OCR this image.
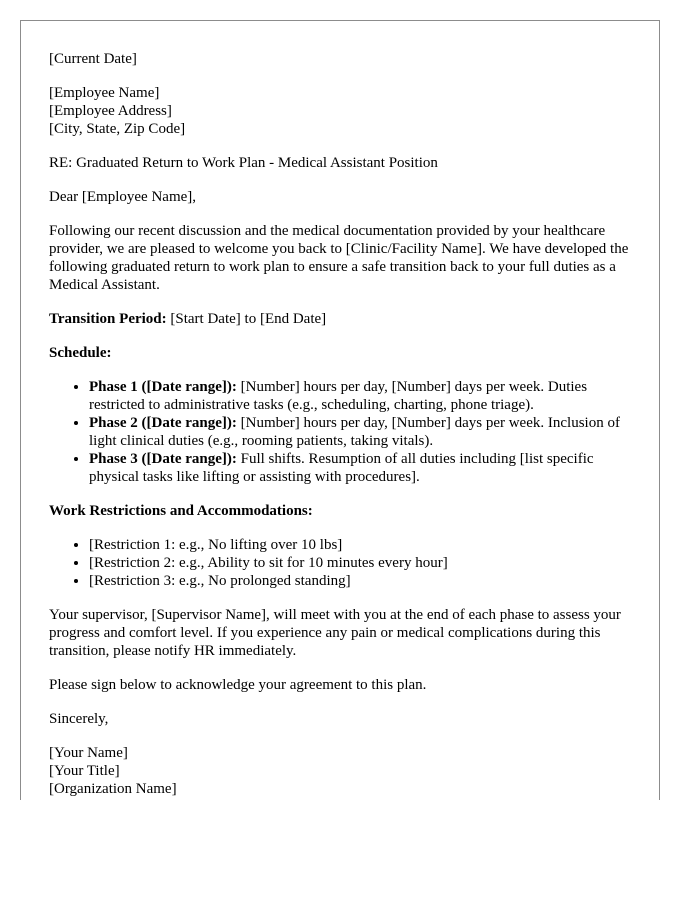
[Current Date]
[Employee Name]
[Employee Address]
[City, State, Zip Code]

RE: Graduated Return to Work Plan - Medical Assistant Position

Dear [Employee Name],

Following our recent discussion and the medical documentation provided by your healthcare provider, we are pleased to welcome you back to [Clinic/Facility Name]. We have developed the following graduated return to work plan to ensure a safe transition back to your full duties as a Medical Assistant.

Transition Period: [Start Date] to [End Date]

Schedule:

• Phase 1 ([Date range]): [Number] hours per day, [Number] days per week. Duties restricted to administrative tasks (e.g., scheduling, charting, phone triage).
• Phase 2 ([Date range]): [Number] hours per day, [Number] days per week. Inclusion of light clinical duties (e.g., rooming patients, taking vitals).
• Phase 3 ([Date range]): Full shifts. Resumption of all duties including [list specific physical tasks like lifting or assisting with procedures].

Work Restrictions and Accommodations:

• [Restriction 1: e.g., No lifting over 10 lbs]
• [Restriction 2: e.g., Ability to sit for 10 minutes every hour]
• [Restriction 3: e.g., No prolonged standing]

Your supervisor, [Supervisor Name], will meet with you at the end of each phase to assess your progress and comfort level. If you experience any pain or medical complications during this transition, please notify HR immediately.

Please sign below to acknowledge your agreement to this plan.

Sincerely,

[Your Name]
[Your Title]
[Organization Name]
